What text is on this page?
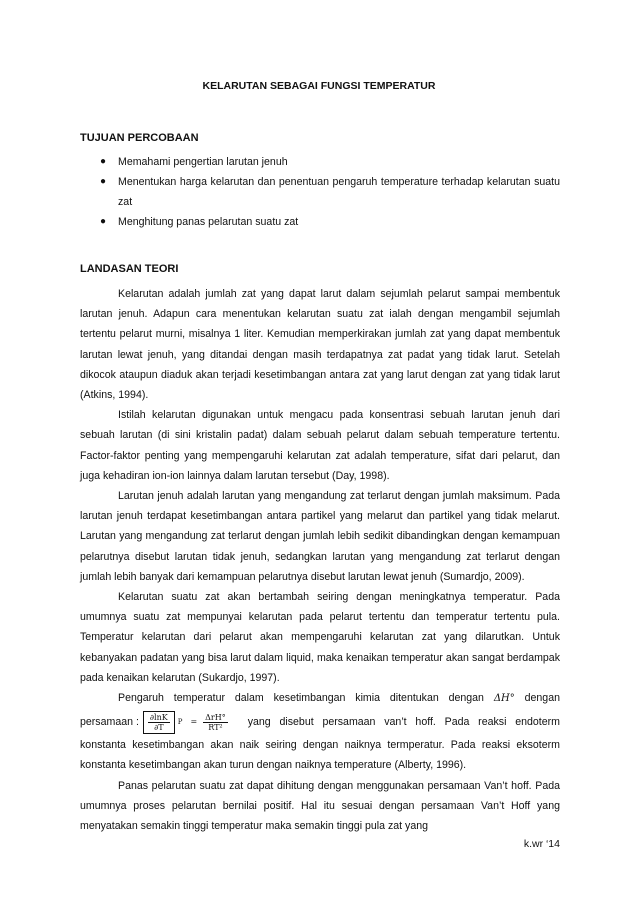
KELARUTAN SEBAGAI FUNGSI TEMPERATUR
TUJUAN PERCOBAAN
● Memahami pengertian larutan jenuh
● Menentukan harga kelarutan dan penentuan pengaruh temperature terhadap kelarutan suatu zat
● Menghitung panas pelarutan suatu zat
LANDASAN TEORI

Kelarutan adalah jumlah zat yang dapat larut dalam sejumlah pelarut sampai membentuk larutan jenuh. Adapun cara menentukan kelarutan suatu zat ialah dengan mengambil sejumlah tertentu pelarut murni, misalnya 1 liter. Kemudian memperkirakan jumlah zat yang dapat membentuk larutan lewat jenuh, yang ditandai dengan masih terdapatnya zat padat yang tidak larut. Setelah dikocok ataupun diaduk akan terjadi kesetimbangan antara zat yang larut dengan zat yang tidak larut (Atkins, 1994).

Istilah kelarutan digunakan untuk mengacu pada konsentrasi sebuah larutan jenuh dari sebuah larutan (di sini kristalin padat) dalam sebuah pelarut dalam sebuah temperature tertentu. Factor-faktor penting yang mempengaruhi kelarutan zat adalah temperature, sifat dari pelarut, dan juga kehadiran ion-ion lainnya dalam larutan tersebut (Day, 1998).

Larutan jenuh adalah larutan yang mengandung zat terlarut dengan jumlah maksimum. Pada larutan jenuh terdapat kesetimbangan antara partikel yang melarut dan partikel yang tidak melarut. Larutan yang mengandung zat terlarut dengan jumlah lebih sedikit dibandingkan dengan kemampuan pelarutnya disebut larutan tidak jenuh, sedangkan larutan yang mengandung zat terlarut dengan jumlah lebih banyak dari kemampuan pelarutnya disebut larutan lewat jenuh (Sumardjo, 2009).

Kelarutan suatu zat akan bertambah seiring dengan meningkatnya temperatur. Pada umumnya suatu zat mempunyai kelarutan pada pelarut tertentu dan temperatur tertentu pula. Temperatur kelarutan dari pelarut akan mempengaruhi kelarutan zat yang dilarutkan. Untuk kebanyakan padatan yang bisa larut dalam liquid, maka kenaikan temperatur akan sangat berdampak pada kenaikan kelarutan (Sukardjo, 1997).

Pengaruh temperatur dalam kesetimbangan kimia ditentukan dengan ΔH° dengan

persamaan : $\frac{\partial\ln K}{\partial T}$ $P = \frac{\text{ΔrH°}}{\text{RT²}}$ yang disebut persamaan van’t hoff. Pada reaksi endoterm

konstanta kesetimbangan akan naik seiring dengan naiknya termperatur. Pada reaksi eksoterm konstanta kesetimbangan akan turun dengan naiknya temperature (Alberty, 1996).

Panas pelarutan suatu zat dapat dihitung dengan menggunakan persamaan Van’t hoff. Pada umumnya proses pelarutan bernilai positif. Hal itu sesuai dengan persamaan Van’t Hoff yang menyatakan semakin tinggi temperatur maka semakin tinggi pula zat yang

k.wr ‘14
